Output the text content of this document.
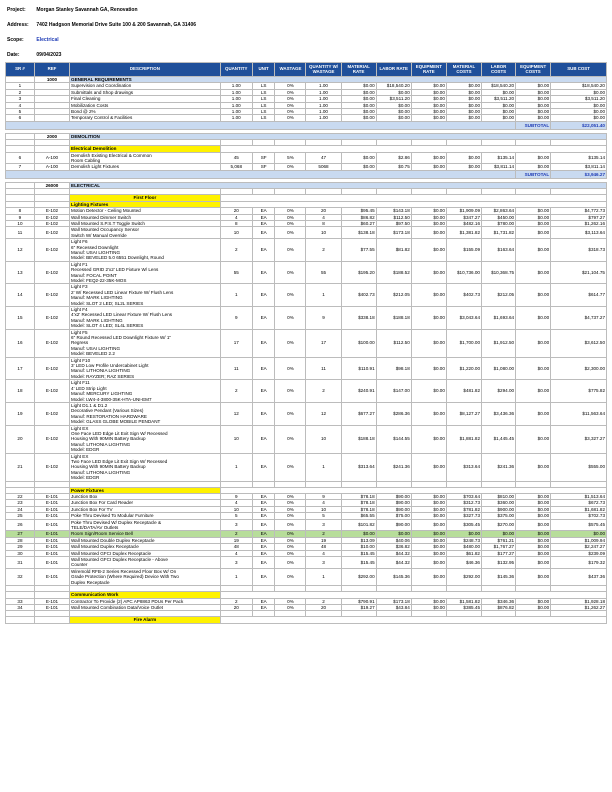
Project: Morgan Stanley Savannah GA, Renovation
Address: 7402 Hadgson Memorial Drive Suite 100 & 200 Savannah, GA 31406
Scope:	Electrical
Date:	09/04/2023
SR #	REF	DESCRIPTION	QUANTITY	UNIT	WASTAGE	QUANTITY W/ WASTAGE	MATERIAL RATE	LABOR RATE	EQUIPMENT RATE	MATERIAL COSTS	LABOR COSTS	EQUIPMENT COSTS	SUB COST
	1000	GENERAL REQUIREMENTS											
1		Supervision and Coordination	1.00	LS	0%	1.00	$0.00	$18,540.20	$0.00	$0.00	$18,540.20	$0.00	$18,540.20
2		Submittals and Shop drawings	1.00	LS	0%	1.00	$0.00	$0.00	$0.00	$0.00	$0.00	$0.00	$0.00
3		Final Cleaning	1.00	LS	0%	1.00	$0.00	$3,511.20	$0.00	$0.00	$3,511.20	$0.00	$3,511.20
4		Mobilization Costs	1.00	LS	0%	1.00	$0.00	$0.00	$0.00	$0.00	$0.00	$0.00	$0.00
5		Bond @ 2%	1.00	LS	0%	1.00	$0.00	$0.00	$0.00	$0.00	$0.00	$0.00	$0.00
6		Temporary Control & Facilities	1.00	LS	0%	1.00	$0.00	$0.00	$0.00	$0.00	$0.00	$0.00	$0.00
												SUBTOTAL	$22,051.40

	2000	DEMOLITION											

		Electrical Demolition											
6	A-100	Demolish Existing Electrical & Common
Room Cabling	45	SF	5%	47	$0.00	$2.86	$0.00	$0.00	$135.14	$0.00	$135.14
7	A-100	Demolish Light Fixtures	5,068	SF	0%	5068	$0.00	$0.75	$0.00	$0.00	$3,811.14	$0.00	$3,811.14
												SUBTOTAL	$3,946.27

	26000	ELECTRICAL											

		First Floor											
		Lighting Fixtures											
8	E-102	Motion Detector - Ceiling Mounted	20	EA	0%	20	$95.45	$143.18	$0.00	$1,909.09	$2,863.64	$0.00	$4,772.73
9	E-102	Wall Mounted Dimmer Switch	4	EA	0%	4	$86.82	$112.50	$0.00	$347.27	$450.00	$0.00	$797.27
10	E-102	Wall Mounted S.P.S.T Toggle Switch	8	EA	0%	8	$60.27	$97.50	$0.00	$482.16	$780.00	$0.00	$1,262.16
11	E-102	Wall Mounted Occupancy Sensor
Switch W/ Manual Override	10	EA	0%	10	$138.18	$173.18	$0.00	$1,381.82	$1,731.82	$0.00	$3,113.64
12	E-102	Light F6
6" Recessed Downlight
Manuf: USAI LIGHTING
Model: BEVELED 5.0 6551 Downlight, Round	2	EA	0%	2	$77.55	$81.82	$0.00	$155.09	$163.64	$0.00	$318.73
13	E-102	Light F1
Recessed GRID 2'x2' LED Fixture W/ Lens
Manuf: FOCAL POINT
Model: FEQ2-22-35K-MOS	55	EA	0%	55	$195.20	$188.52	$0.00	$10,736.00	$10,368.75	$0.00	$21,104.75
14	E-102	Light F3
2' W/ Recessed LED Linear Fixture W/ Flush Lens
Manuf: MARK LIGHTING
Model: SLOT 2 LED; SL2L SERIES	1	EA	0%	1	$402.73	$212.05	$0.00	$402.73	$212.05	$0.00	$614.77
15	E-102	Light F4
4'x2' Recessed LED Linear Fixture W/ Flush Lens
Manuf: MARK LIGHTING
Model: SLOT 4 LED; SL4L SERIES	9	EA	0%	9	$338.18	$188.18	$0.00	$3,043.64	$1,693.64	$0.00	$4,737.27
16	E-102	Light F5
6" Round Recessed LED Downlight Fixture W/ 1"
Regress
Manuf: USAI LIGHTING
Model: BEVELED 2.2	17	EA	0%	17	$100.00	$112.50	$0.00	$1,700.00	$1,912.50	$0.00	$3,612.50
17	E-102	Light F10
3' LED Low Profile Undercabinet Light
Manuf: LITHONIA LIGHTING
Model: RAYZER; RAZ SERIES	11	EA	0%	11	$110.91	$98.18	$0.00	$1,220.00	$1,080.00	$0.00	$2,300.00
18	E-102	Light F11
4' LED Strip Light
Manuf: MERCURY LIGHTING
Model: LW4-4-3800-35K-HTA-UNI-EM7	2	EA	0%	2	$240.91	$147.00	$0.00	$481.82	$294.00	$0.00	$775.82
19	E-102	Light D1.1 & D1.2
Decorative Pendant (Various Sizes)
Manuf: RESTORATION HARDWARE
Model: GLASS GLOBE MOBILE PENDANT	12	EA	0%	12	$677.27	$286.36	$0.00	$8,127.27	$3,436.36	$0.00	$11,563.64
20	E-102	Light EX
One Face LED Edge Lit Exit Sign W/ Recessed
Housing With 90MIN Battery Backup
Manuf: LITHONIA LIGHTING
Model: EDGR	10	EA	0%	10	$188.18	$144.55	$0.00	$1,881.82	$1,445.45	$0.00	$3,327.27
21	E-102	Light EX
Two Face LED Edge Lit Exit Sign W/ Recessed
Housing With 90MIN Battery Backup
Manuf: LITHONIA LIGHTING
Model: EDGR	1	EA	0%	1	$313.64	$241.36	$0.00	$313.64	$241.36	$0.00	$555.00

		Power Fixtures											
22	E-101	Junction Box	9	EA	0%	9	$78.18	$90.00	$0.00	$703.64	$810.00	$0.00	$1,513.64
23	E-101	Junction Box For Card Reader	4	EA	0%	4	$78.18	$90.00	$0.00	$312.73	$360.00	$0.00	$672.73
24	E-101	Junction Box For TV	10	EA	0%	10	$78.18	$90.00	$0.00	$781.82	$900.00	$0.00	$1,681.82
25	E-101	Poke Thru Devised To Modular Furniture	5	EA	0%	5	$65.55	$75.00	$0.00	$327.73	$375.00	$0.00	$702.73
26	E-101	Poke Thru Devised W/ Duplex Receptacle &
TELE/DATA/AV Outlets	3	EA	0%	3	$101.82	$90.00	$0.00	$305.45	$270.00	$0.00	$575.45
27	E-101	Room Sign/Room Service Bell	2	EA	0%	2	$0.00	$0.00	$0.00	$0.00	$0.00	$0.00	$0.00
28	E-101	Wall Mounted Double Duplex Receptacle	19	EA	0%	19	$13.09	$40.06	$0.00	$248.73	$761.21	$0.00	$1,009.94
29	E-101	Wall Mounted Duplex Receptacle	48	EA	0%	48	$10.00	$36.82	$0.00	$480.00	$1,767.27	$0.00	$2,247.27
30	E-101	Wall Mounted GFCI Duplex Receptacle	4	EA	0%	4	$15.45	$44.32	$0.00	$61.82	$177.27	$0.00	$239.09
31	E-101	Wall Mounted GFCI Duplex Receptacle - Above
Counter	3	EA	0%	3	$15.45	$44.32	$0.00	$46.36	$132.95	$0.00	$179.32
32	E-101	Wiremold RFB-2 Series Recessed Floor Box W/ On
Grade Protection (Where Required) Device With Two
Duplex Receptacle	1	EA	0%	1	$292.00	$145.36	$0.00	$292.00	$145.36	$0.00	$437.36

		Communication Work											
33	E-101	Contractor To Provide (2) APC AP8863 PDUs Per Pack	2	EA	0%	2	$790.91	$173.18	$0.00	$1,581.82	$346.36	$0.00	$1,928.18
34	E-101	Wall Mounted Combination Data/Voice Outlet	20	EA	0%	20	$19.27	$43.84	$0.00	$385.45	$876.82	$0.00	$1,262.27

		Fire Alarm											
